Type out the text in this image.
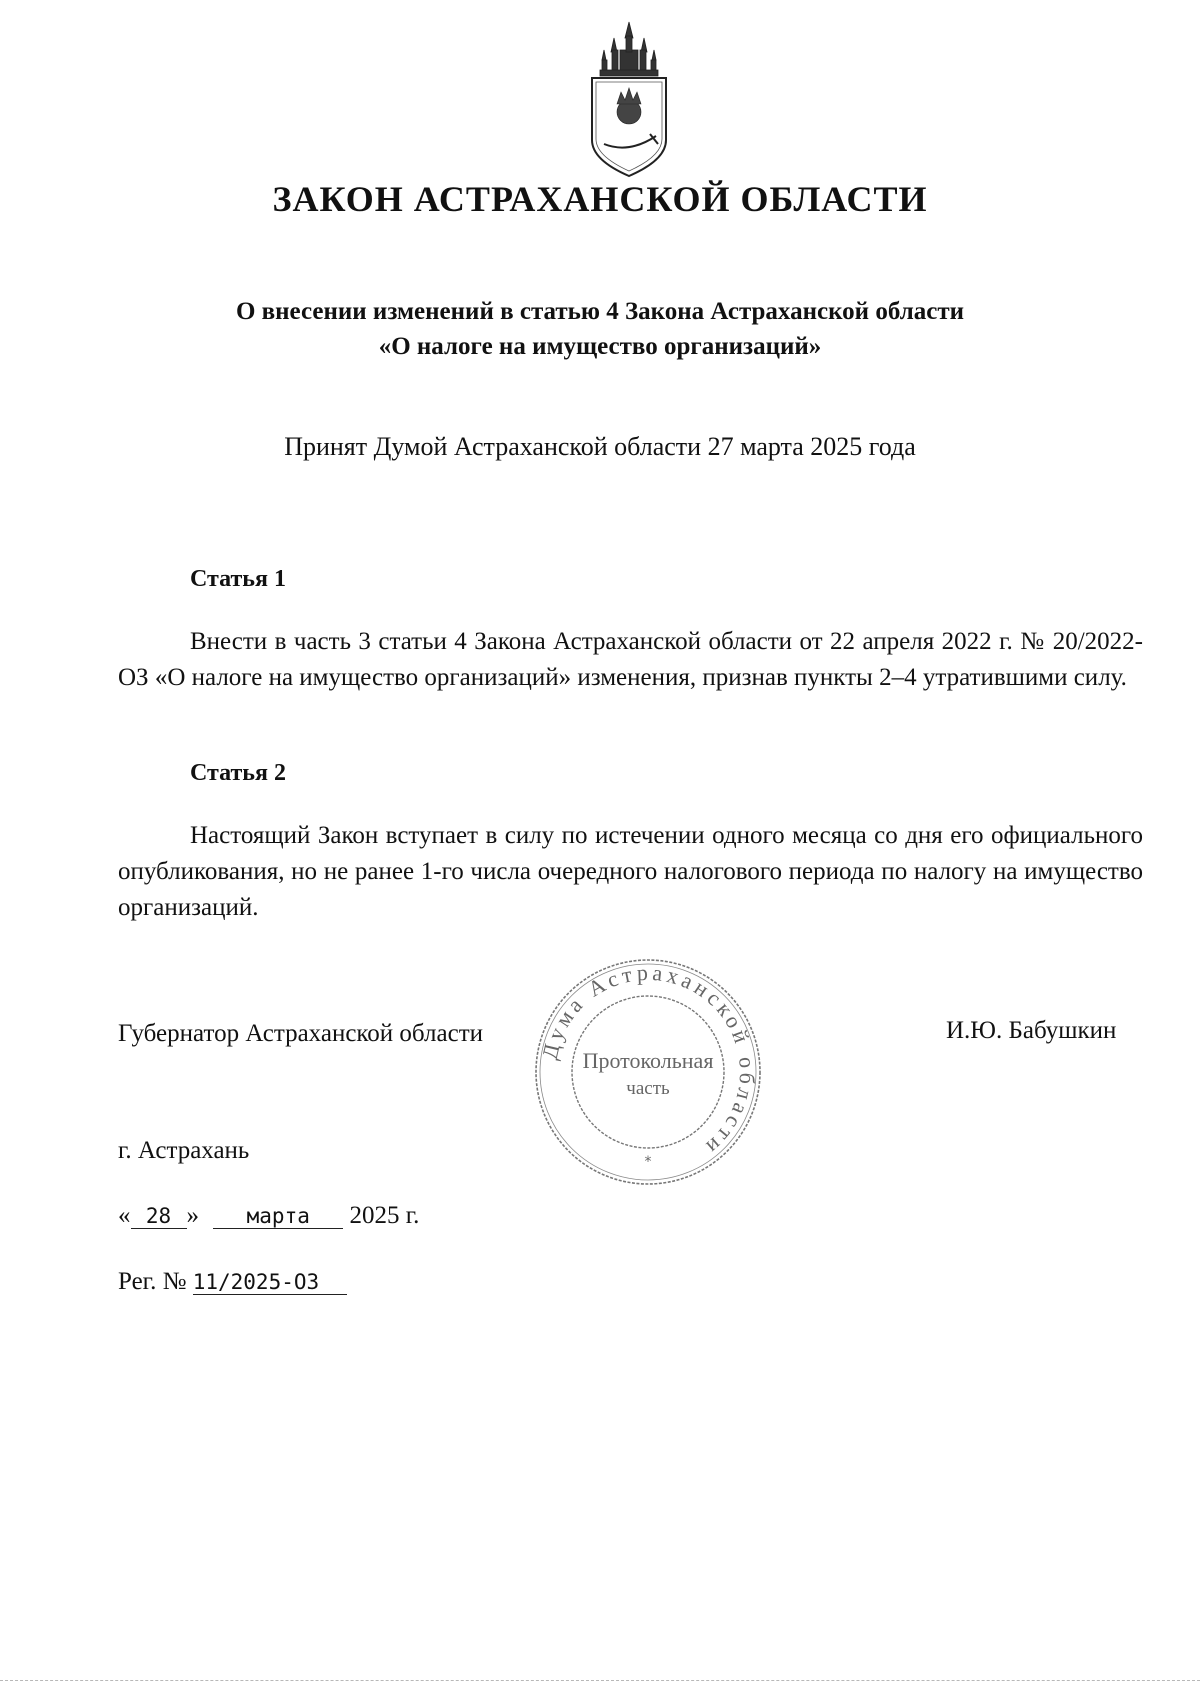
ЗАКОН АСТРАХАНСКОЙ ОБЛАСТИ
О внесении изменений в статью 4 Закона Астраханской области
«О налоге на имущество организаций»
Принят Думой Астраханской области 27 марта 2025 года
Статья 1

Внести в часть 3 статьи 4 Закона Астраханской области от 22 апреля 2022 г. № 20/2022-ОЗ «О налоге на имущество организаций» изменения, признав пункты 2–4 утратившими силу.

Статья 2

Настоящий Закон вступает в силу по истечении одного месяца со дня его официального опубликования, но не ранее 1-го числа очередного налогового периода по налогу на имущество организаций.

Губернатор Астраханской области	И.Ю. Бабушкин
Дума Астраханской области
Протокольная
часть
*
г. Астрахань
« 28 » марта 2025 г.
Рег. № 11/2025-ОЗ
